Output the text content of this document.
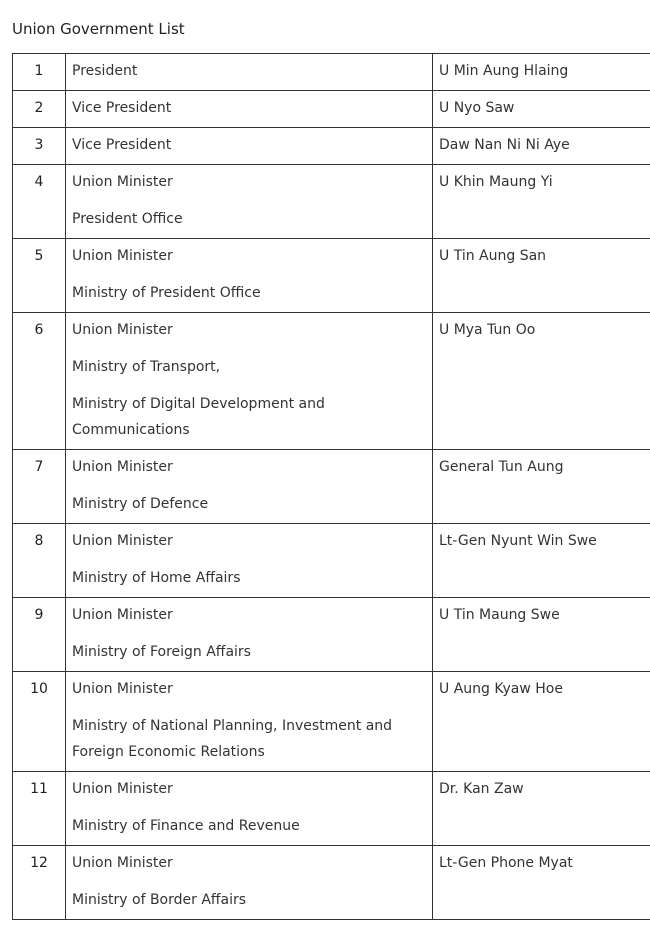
Union Government List
1	President	U Min Aung Hlaing
2	Vice President	U Nyo Saw
3	Vice President	Daw Nan Ni Ni Aye
4	Union Minister
President Office	U Khin Maung Yi
5	Union Minister
Ministry of President Office	U Tin Aung San
6	Union Minister
Ministry of Transport,
Ministry of Digital Development and Communications	U Mya Tun Oo
7	Union Minister
Ministry of Defence	General Tun Aung
8	Union Minister
Ministry of Home Affairs	Lt-Gen Nyunt Win Swe
9	Union Minister
Ministry of Foreign Affairs	U Tin Maung Swe
10	Union Minister
Ministry of National Planning, Investment and Foreign Economic Relations	U Aung Kyaw Hoe
11	Union Minister
Ministry of Finance and Revenue	Dr. Kan Zaw
12	Union Minister
Ministry of Border Affairs	Lt-Gen Phone Myat
